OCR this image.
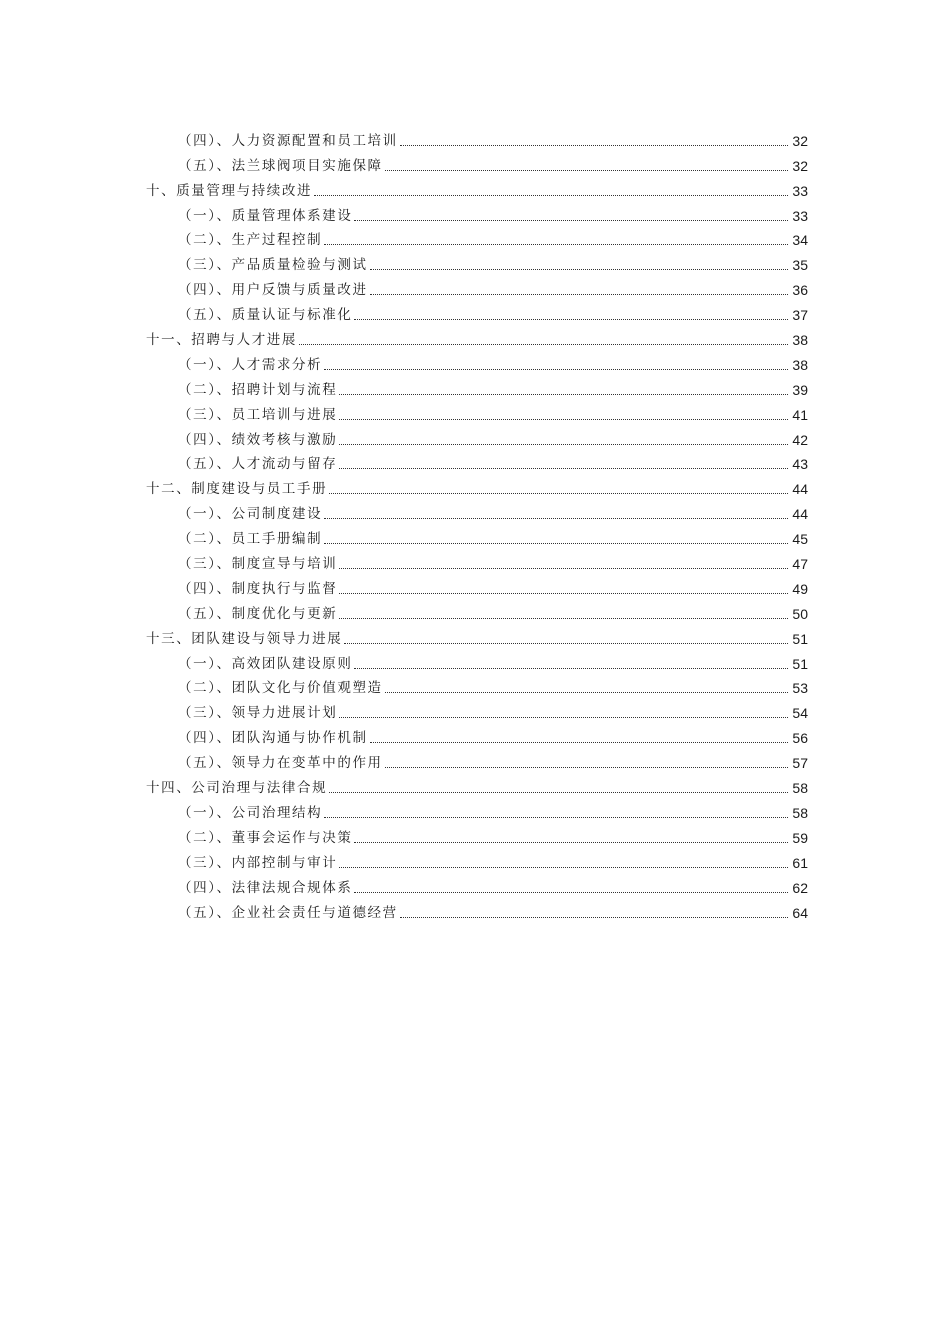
（四）、人力资源配置和员工培训	32
（五）、法兰球阀项目实施保障	32
十、质量管理与持续改进	33
（一）、质量管理体系建设	33
（二）、生产过程控制	34
（三）、产品质量检验与测试	35
（四）、用户反馈与质量改进	36
（五）、质量认证与标准化	37
十一、招聘与人才进展	38
（一）、人才需求分析	38
（二）、招聘计划与流程	39
（三）、员工培训与进展	41
（四）、绩效考核与激励	42
（五）、人才流动与留存	43
十二、制度建设与员工手册	44
（一）、公司制度建设	44
（二）、员工手册编制	45
（三）、制度宣导与培训	47
（四）、制度执行与监督	49
（五）、制度优化与更新	50
十三、团队建设与领导力进展	51
（一）、高效团队建设原则	51
（二）、团队文化与价值观塑造	53
（三）、领导力进展计划	54
（四）、团队沟通与协作机制	56
（五）、领导力在变革中的作用	57
十四、公司治理与法律合规	58
（一）、公司治理结构	58
（二）、董事会运作与决策	59
（三）、内部控制与审计	61
（四）、法律法规合规体系	62
（五）、企业社会责任与道德经营	64
